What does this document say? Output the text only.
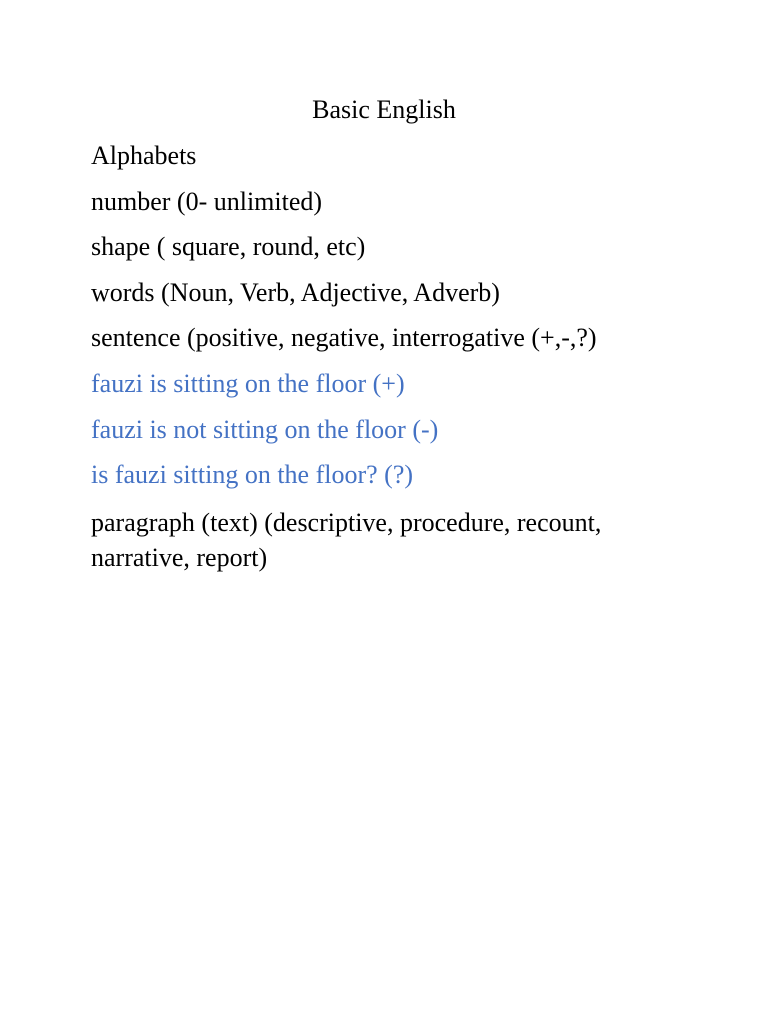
Basic English
Alphabets
number (0- unlimited)
shape ( square, round, etc)
words (Noun, Verb, Adjective, Adverb)
sentence (positive, negative, interrogative (+,-,?)
fauzi is sitting on the floor (+)
fauzi is not sitting on the floor (-)
is fauzi sitting on the floor? (?)
paragraph (text) (descriptive, procedure, recount, narrative, report)
